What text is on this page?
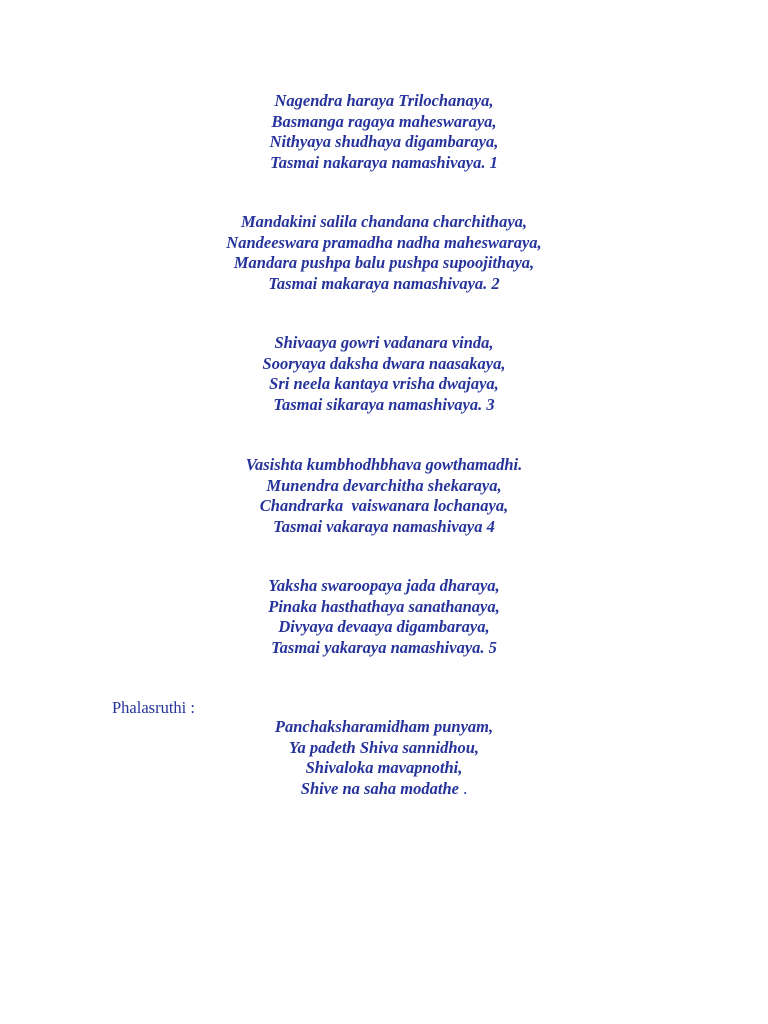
Nagendra haraya Trilochanaya,
Basmanga ragaya maheswaraya,
Nithyaya shudhaya digambaraya,
Tasmai nakaraya namashivaya. 1
Mandakini salila chandana charchithaya,
Nandeeswara pramadha nadha maheswaraya,
Mandara pushpa balu pushpa supoojithaya,
Tasmai makaraya namashivaya. 2
Shivaaya gowri vadanara vinda,
Sooryaya daksha dwara naasakaya,
Sri neela kantaya vrisha dwajaya,
Tasmai sikaraya namashivaya. 3
Vasishta kumbhodhbhava gowthamadhi.
Munendra devarchitha shekaraya,
Chandrarka  vaiswanara lochanaya,
Tasmai vakaraya namashivaya 4
Yaksha swaroopaya jada dharaya,
Pinaka hasthathaya sanathanaya,
Divyaya devaaya digambaraya,
Tasmai yakaraya namashivaya. 5
Phalasruthi :
Panchaksharamidham punyam,
Ya padeth Shiva sannidhou,
Shivaloka mavapnothi,
Shive na saha modathe .
